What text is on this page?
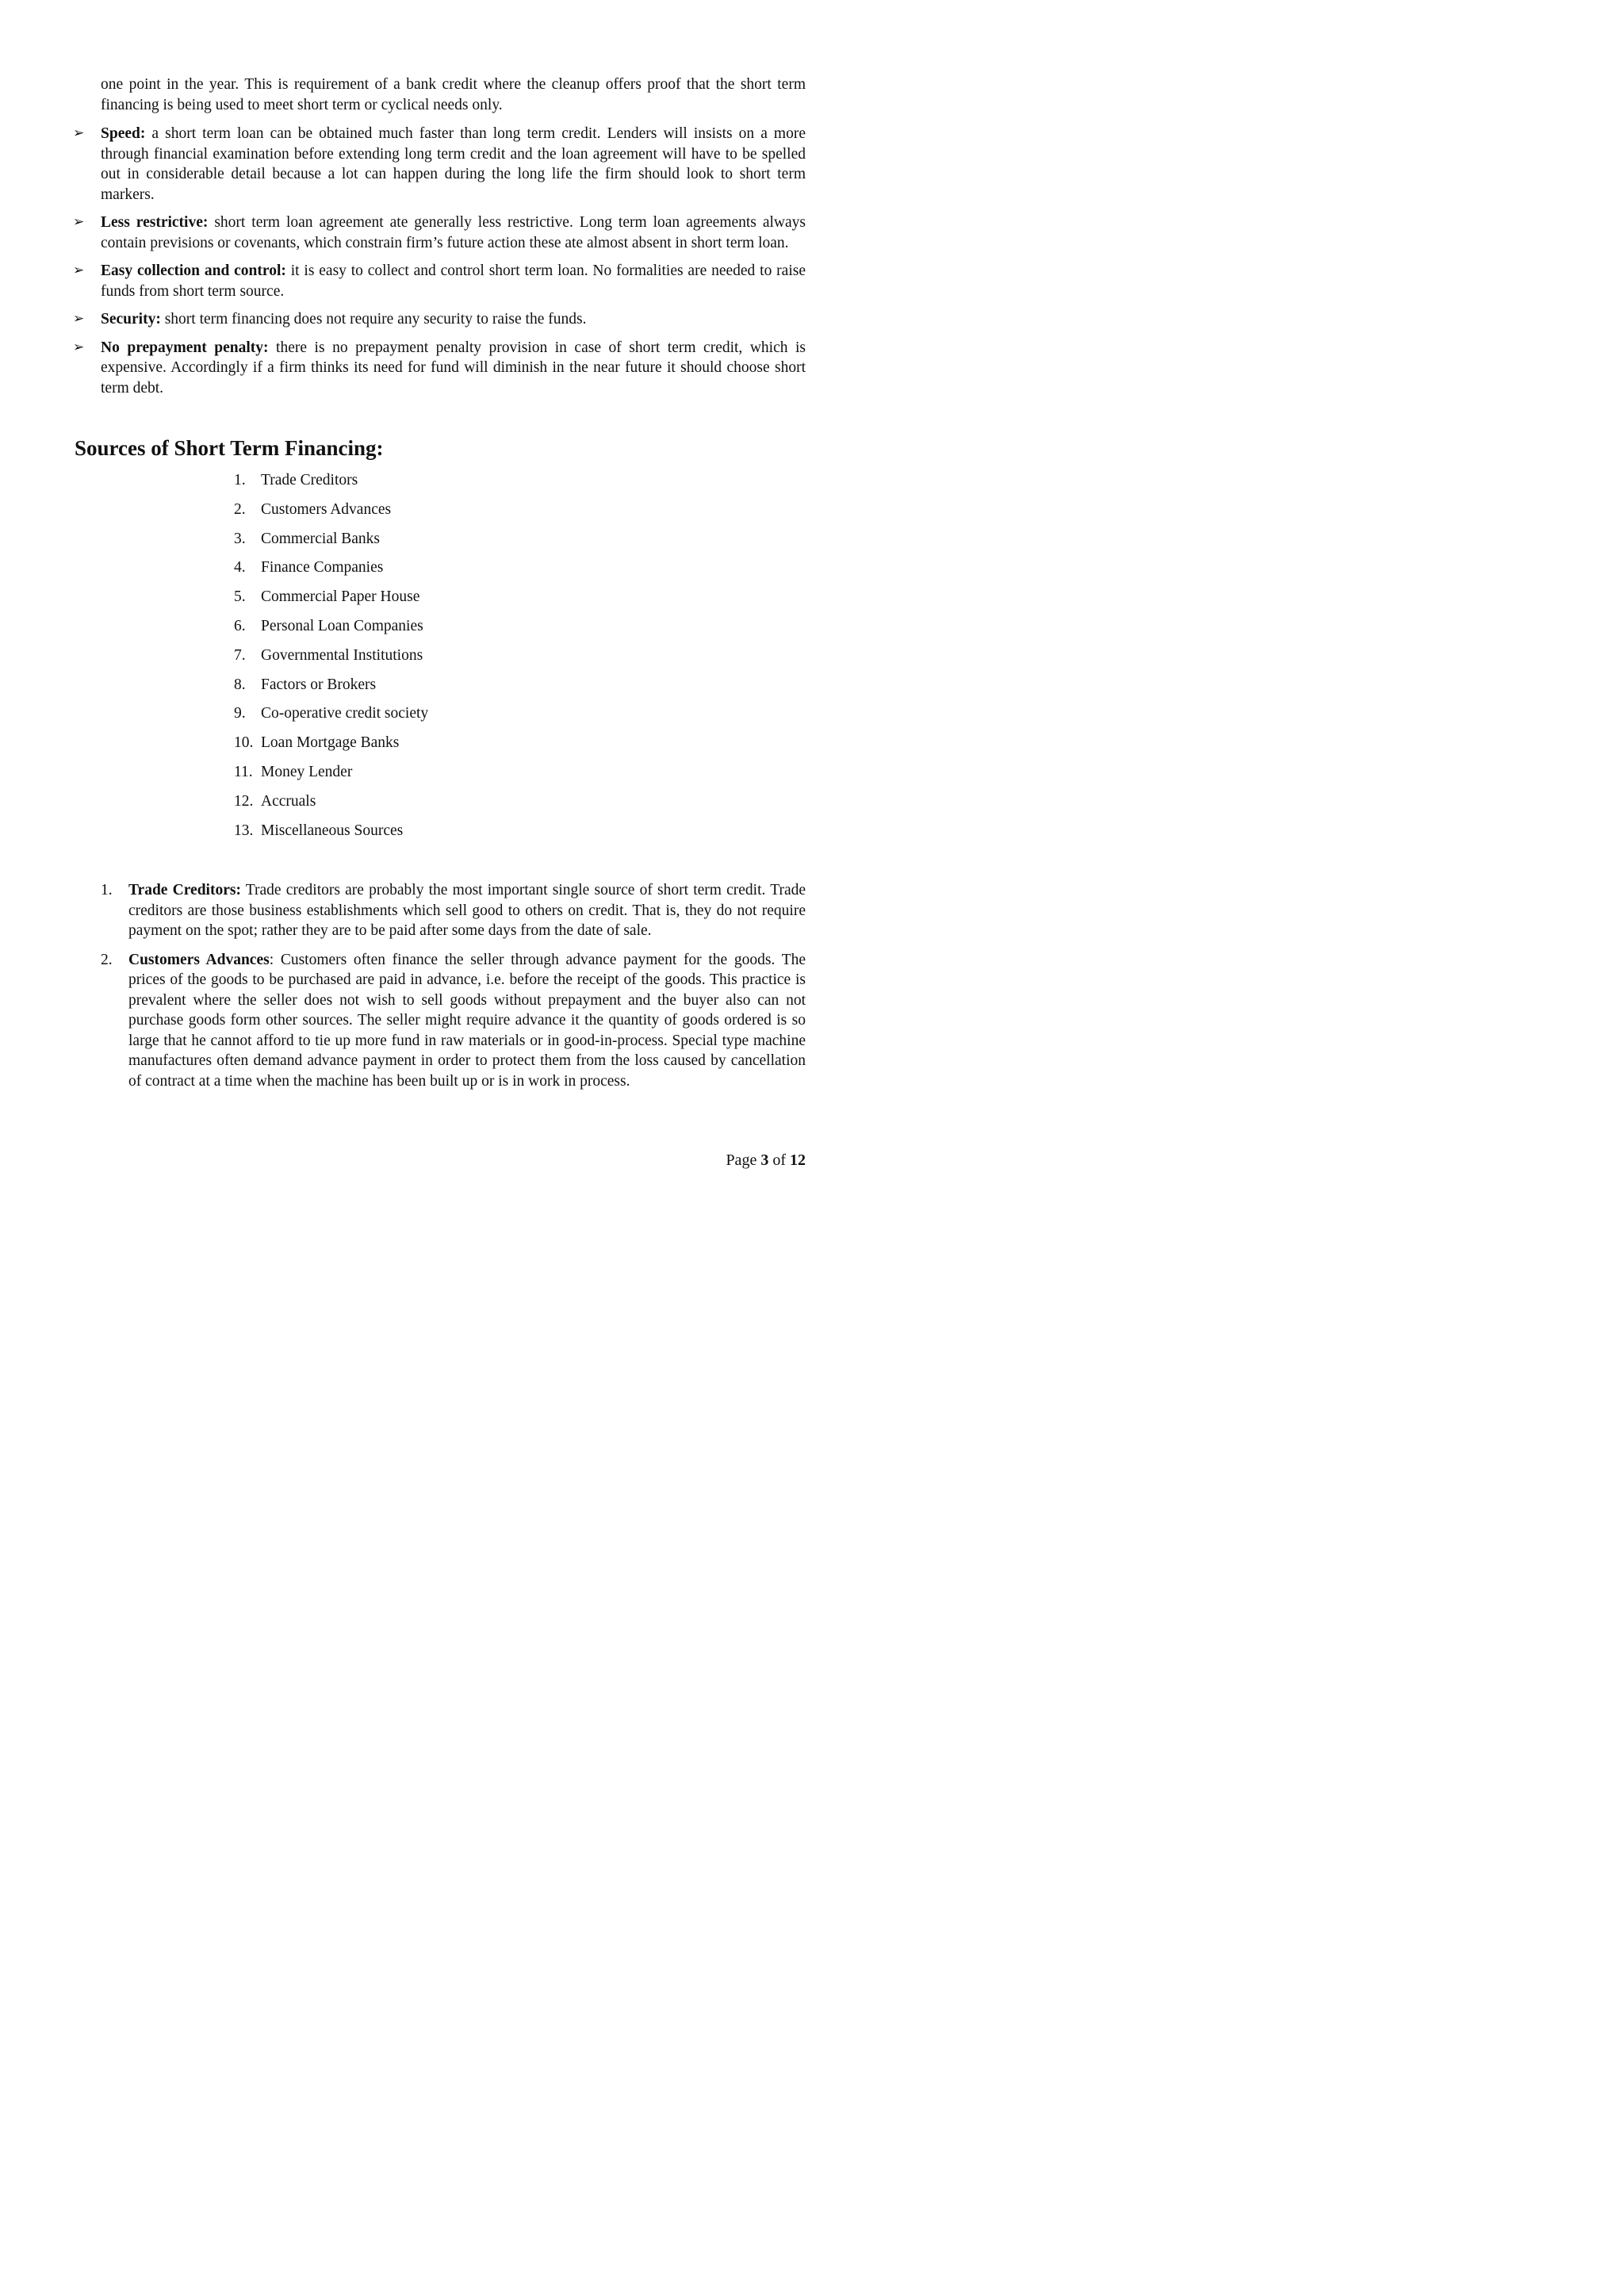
one point in the year. This is requirement of a bank credit where the cleanup offers proof that the short term financing is being used to meet short term or cyclical needs only.

➢ Speed: a short term loan can be obtained much faster than long term credit. Lenders will insists on a more through financial examination before extending long term credit and the loan agreement will have to be spelled out in considerable detail because a lot can happen during the long life the firm should look to short term markers.
➢ Less restrictive: short term loan agreement ate generally less restrictive. Long term loan agreements always contain previsions or covenants, which constrain firm’s future action these ate almost absent in short term loan.
➢ Easy collection and control: it is easy to collect and control short term loan. No formalities are needed to raise funds from short term source.
➢ Security: short term financing does not require any security to raise the funds.
➢ No prepayment penalty: there is no prepayment penalty provision in case of short term credit, which is expensive. Accordingly if a firm thinks its need for fund will diminish in the near future it should choose short term debt.
Sources of Short Term Financing:
1. Trade Creditors
2. Customers Advances
3. Commercial Banks
4. Finance Companies
5. Commercial Paper House
6. Personal Loan Companies
7. Governmental Institutions
8. Factors or Brokers
9. Co-operative credit society
10. Loan Mortgage Banks
11. Money Lender
12. Accruals
13. Miscellaneous Sources
1. Trade Creditors: Trade creditors are probably the most important single source of short term credit. Trade creditors are those business establishments which sell good to others on credit. That is, they do not require payment on the spot; rather they are to be paid after some days from the date of sale.
2. Customers Advances: Customers often finance the seller through advance payment for the goods. The prices of the goods to be purchased are paid in advance, i.e. before the receipt of the goods. This practice is prevalent where the seller does not wish to sell goods without prepayment and the buyer also can not purchase goods form other sources. The seller might require advance it the quantity of goods ordered is so large that he cannot afford to tie up more fund in raw materials or in good-in-process. Special type machine manufactures often demand advance payment in order to protect them from the loss caused by cancellation of contract at a time when the machine has been built up or is in work in process.
Page 3 of 12
